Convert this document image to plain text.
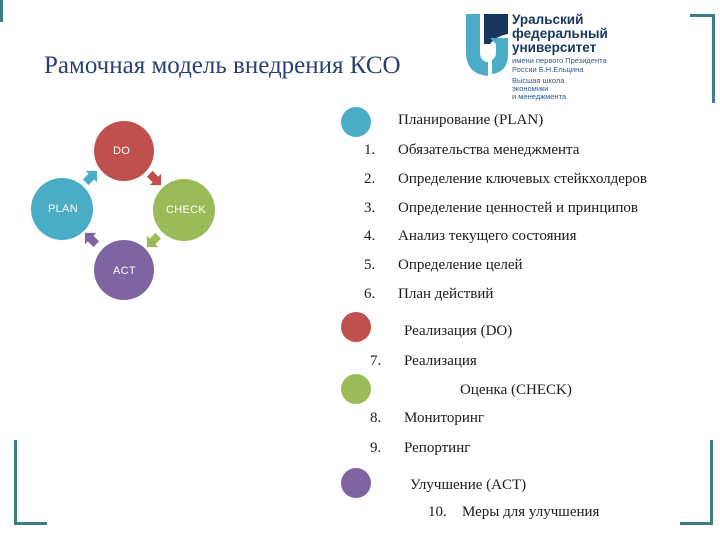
Рамочная модель внедрения КСО
Уральский
федеральный
университет
имени первого Президента
России Б.Н.Ельцина
Высшая школа
экономики
и менеджмента
DO
PLAN	CHECK
ACT
Планирование (PLAN)
1. Обязательства менеджмента
2. Определение ключевых стейкхолдеров
3. Определение ценностей и принципов
4. Анализ текущего состояния
5. Определение целей
6. План действий
Реализация (DO)
7. Реализация
Оценка (CHECK)
8. Мониторинг
9. Репортинг
Улучшение (ACT)
10. Меры для улучшения
